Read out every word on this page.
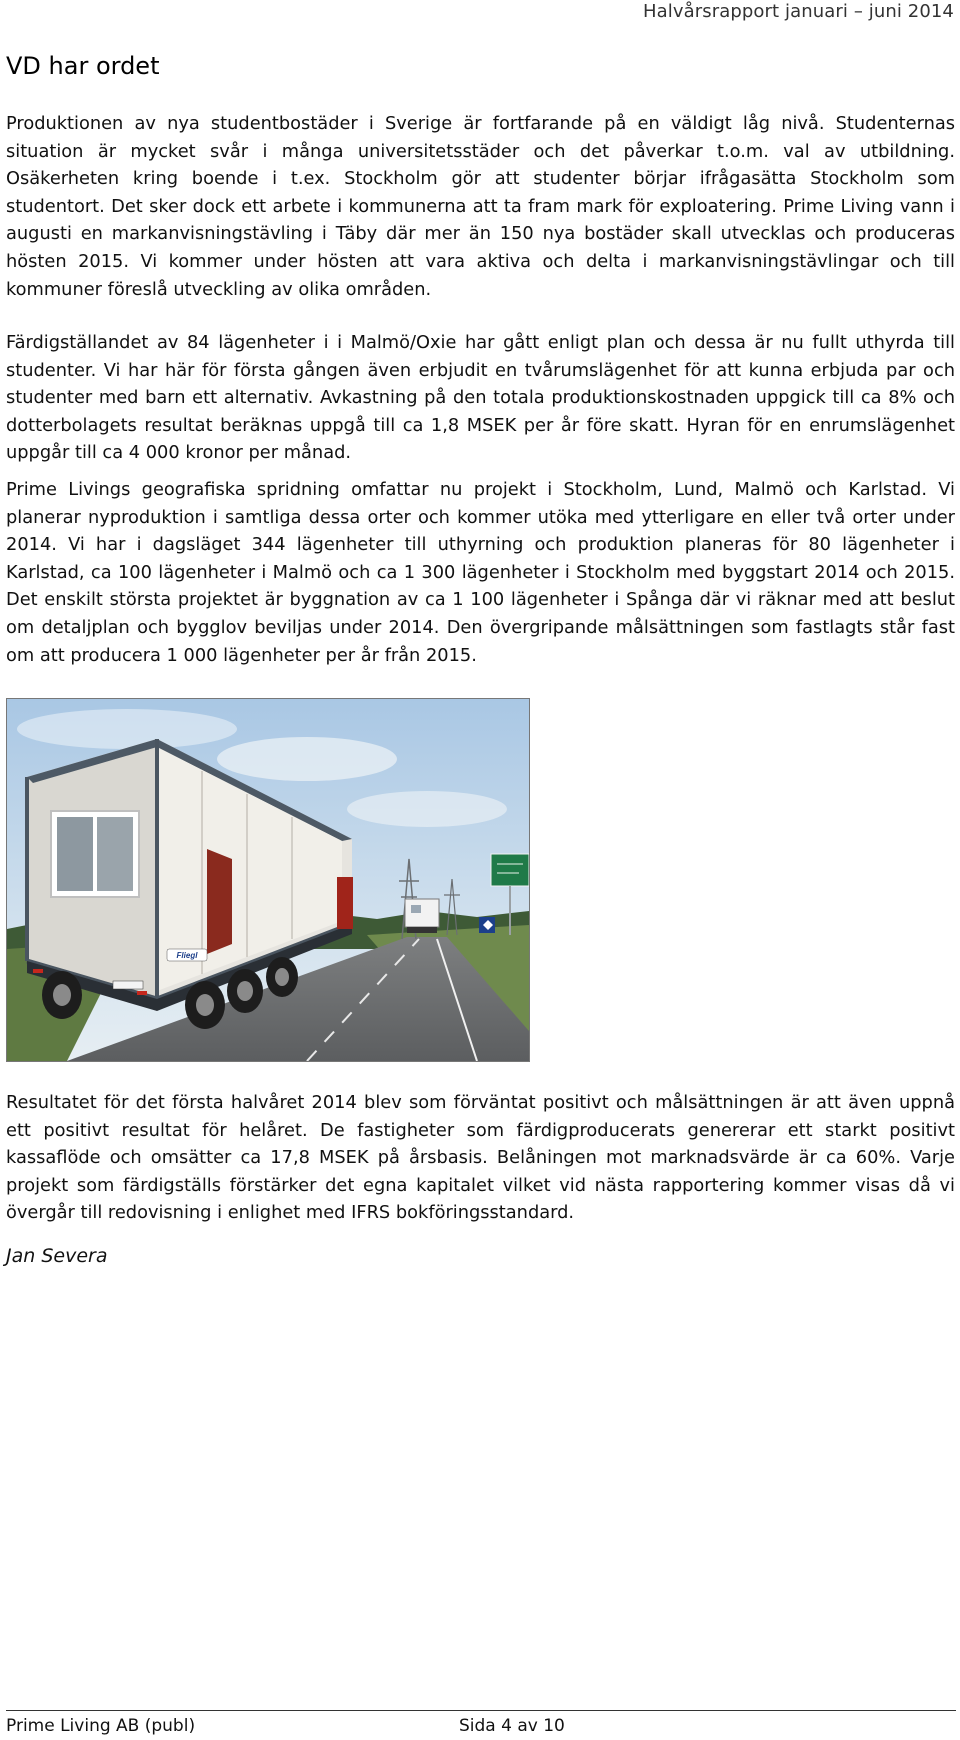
Halvårsrapport januari – juni 2014
VD har ordet

Produktionen av nya studentbostäder i Sverige är fortfarande på en väldigt låg nivå. Studenternas situation är mycket svår i många universitetsstäder och det påverkar t.o.m. val av utbildning. Osäkerheten kring boende i t.ex. Stockholm gör att studenter börjar ifrågasätta Stockholm som studentort. Det sker dock ett arbete i kommunerna att ta fram mark för exploatering. Prime Living vann i augusti en markanvisningstävling i Täby där mer än 150 nya bostäder skall utvecklas och produceras hösten 2015. Vi kommer under hösten att vara aktiva och delta i markanvisningstävlingar och till kommuner föreslå utveckling av olika områden.

Färdigställandet av 84 lägenheter i i Malmö/Oxie har gått enligt plan och dessa är nu fullt uthyrda till studenter. Vi har här för första gången även erbjudit en tvårumslägenhet för att kunna erbjuda par och studenter med barn ett alternativ. Avkastning på den totala produktionskostnaden uppgick till ca 8% och dotterbolagets resultat beräknas uppgå till ca 1,8 MSEK per år före skatt. Hyran för en enrumslägenhet uppgår till ca 4 000 kronor per månad.

Prime Livings geografiska spridning omfattar nu projekt i Stockholm, Lund, Malmö och Karlstad. Vi planerar nyproduktion i samtliga dessa orter och kommer utöka med ytterligare en eller två orter under 2014. Vi har i dagsläget 344 lägenheter till uthyrning och produktion planeras för 80 lägenheter i Karlstad, ca 100 lägenheter i Malmö och ca 1 300 lägenheter i Stockholm med byggstart 2014 och 2015. Det enskilt största projektet är byggnation av ca 1 100 lägenheter i Spånga där vi räknar med att beslut om detaljplan och bygglov beviljas under 2014. Den övergripande målsättningen som fastlagts står fast om att producera 1 000 lägenheter per år från 2015.

Fliegl

Resultatet för det första halvåret 2014 blev som förväntat positivt och målsättningen är att även uppnå ett positivt resultat för helåret. De fastigheter som färdigproducerats genererar ett starkt positivt kassaflöde och omsätter ca 17,8 MSEK på årsbasis. Belåningen mot marknadsvärde är ca 60%. Varje projekt som färdigställs förstärker det egna kapitalet vilket vid nästa rapportering kommer visas då vi övergår till redovisning i enlighet med IFRS bokföringsstandard.

Jan Severa

Prime Living AB (publ)	Sida 4 av 10
